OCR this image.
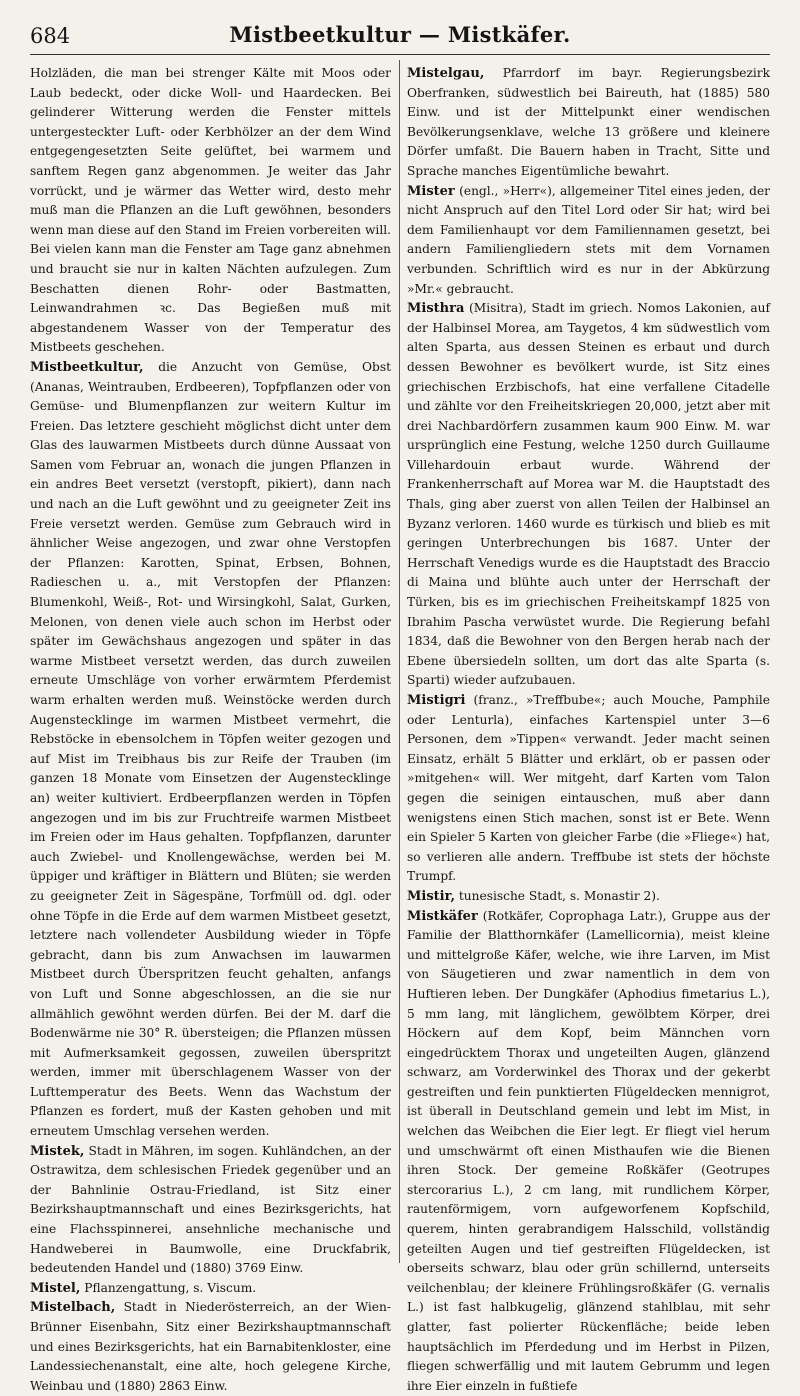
684	Mistbeetkultur — Mistkäfer.

Holzläden, die man bei strenger Kälte mit Moos oder Laub bedeckt, oder dicke Woll- und Haardecken. Bei gelinderer Witterung werden die Fenster mittels untergesteckter Luft- oder Kerbhölzer an der dem Wind entgegengesetzten Seite gelüftet, bei warmem und sanftem Regen ganz abgenommen. Je weiter das Jahr vorrückt, und je wärmer das Wetter wird, desto mehr muß man die Pflanzen an die Luft gewöhnen, besonders wenn man diese auf den Stand im Freien vorbereiten will. Bei vielen kann man die Fenster am Tage ganz abnehmen und braucht sie nur in kalten Nächten aufzulegen. Zum Beschatten dienen Rohr- oder Bastmatten, Leinwandrahmen ꝛc. Das Begießen muß mit abgestandenem Wasser von der Temperatur des Mistbeets geschehen.

Mistbeetkultur, die Anzucht von Gemüse, Obst (Ananas, Weintrauben, Erdbeeren), Topfpflanzen oder von Gemüse- und Blumenpflanzen zur weitern Kultur im Freien. Das letztere geschieht möglichst dicht unter dem Glas des lauwarmen Mistbeets durch dünne Aussaat von Samen vom Februar an, wonach die jungen Pflanzen in ein andres Beet versetzt (verstopft, pikiert), dann nach und nach an die Luft gewöhnt und zu geeigneter Zeit ins Freie versetzt werden. Gemüse zum Gebrauch wird in ähnlicher Weise angezogen, und zwar ohne Verstopfen der Pflanzen: Karotten, Spinat, Erbsen, Bohnen, Radieschen u. a., mit Verstopfen der Pflanzen: Blumenkohl, Weiß-, Rot- und Wirsingkohl, Salat, Gurken, Melonen, von denen viele auch schon im Herbst oder später im Gewächshaus angezogen und später in das warme Mistbeet versetzt werden, das durch zuweilen erneute Umschläge von vorher erwärmtem Pferdemist warm erhalten werden muß. Weinstöcke werden durch Augenstecklinge im warmen Mistbeet vermehrt, die Rebstöcke in ebensolchem in Töpfen weiter gezogen und auf Mist im Treibhaus bis zur Reife der Trauben (im ganzen 18 Monate vom Einsetzen der Augenstecklinge an) weiter kultiviert. Erdbeerpflanzen werden in Töpfen angezogen und im bis zur Fruchtreife warmen Mistbeet im Freien oder im Haus gehalten. Topfpflanzen, darunter auch Zwiebel- und Knollengewächse, werden bei M. üppiger und kräftiger in Blättern und Blüten; sie werden zu geeigneter Zeit in Sägespäne, Torfmüll od. dgl. oder ohne Töpfe in die Erde auf dem warmen Mistbeet gesetzt, letztere nach vollendeter Ausbildung wieder in Töpfe gebracht, dann bis zum Anwachsen im lauwarmen Mistbeet durch Überspritzen feucht gehalten, anfangs von Luft und Sonne abgeschlossen, an die sie nur allmählich gewöhnt werden dürfen. Bei der M. darf die Bodenwärme nie 30° R. übersteigen; die Pflanzen müssen mit Aufmerksamkeit gegossen, zuweilen überspritzt werden, immer mit überschlagenem Wasser von der Lufttemperatur des Beets. Wenn das Wachstum der Pflanzen es fordert, muß der Kasten gehoben und mit erneutem Umschlag versehen werden.

Mistek, Stadt in Mähren, im sogen. Kuhländchen, an der Ostrawitza, dem schlesischen Friedek gegenüber und an der Bahnlinie Ostrau-Friedland, ist Sitz einer Bezirkshauptmannschaft und eines Bezirksgerichts, hat eine Flachsspinnerei, ansehnliche mechanische und Handweberei in Baumwolle, eine Druckfabrik, bedeutenden Handel und (1880) 3769 Einw.

Mistel, Pflanzengattung, s. Viscum.

Mistelbach, Stadt in Niederösterreich, an der Wien-Brünner Eisenbahn, Sitz einer Bezirkshauptmannschaft und eines Bezirksgerichts, hat ein Barnabitenkloster, eine Landessiechenanstalt, eine alte, hoch gelegene Kirche, Weinbau und (1880) 2863 Einw.

Mistelgau, Pfarrdorf im bayr. Regierungsbezirk Oberfranken, südwestlich bei Baireuth, hat (1885) 580 Einw. und ist der Mittelpunkt einer wendischen Bevölkerungsenklave, welche 13 größere und kleinere Dörfer umfaßt. Die Bauern haben in Tracht, Sitte und Sprache manches Eigentümliche bewahrt.

Mister (engl., »Herr«), allgemeiner Titel eines jeden, der nicht Anspruch auf den Titel Lord oder Sir hat; wird bei dem Familienhaupt vor dem Familiennamen gesetzt, bei andern Familiengliedern stets mit dem Vornamen verbunden. Schriftlich wird es nur in der Abkürzung »Mr.« gebraucht.

Misthra (Misitra), Stadt im griech. Nomos Lakonien, auf der Halbinsel Morea, am Taygetos, 4 km südwestlich vom alten Sparta, aus dessen Steinen es erbaut und durch dessen Bewohner es bevölkert wurde, ist Sitz eines griechischen Erzbischofs, hat eine verfallene Citadelle und zählte vor den Freiheitskriegen 20,000, jetzt aber mit drei Nachbardörfern zusammen kaum 900 Einw. M. war ursprünglich eine Festung, welche 1250 durch Guillaume Villehardouin erbaut wurde. Während der Frankenherrschaft auf Morea war M. die Hauptstadt des Thals, ging aber zuerst von allen Teilen der Halbinsel an Byzanz verloren. 1460 wurde es türkisch und blieb es mit geringen Unterbrechungen bis 1687. Unter der Herrschaft Venedigs wurde es die Hauptstadt des Braccio di Maina und blühte auch unter der Herrschaft der Türken, bis es im griechischen Freiheitskampf 1825 von Ibrahim Pascha verwüstet wurde. Die Regierung befahl 1834, daß die Bewohner von den Bergen herab nach der Ebene übersiedeln sollten, um dort das alte Sparta (s. Sparti) wieder aufzubauen.

Mistigri (franz., »Treffbube«; auch Mouche, Pamphile oder Lenturla), einfaches Kartenspiel unter 3—6 Personen, dem »Tippen« verwandt. Jeder macht seinen Einsatz, erhält 5 Blätter und erklärt, ob er passen oder »mitgehen« will. Wer mitgeht, darf Karten vom Talon gegen die seinigen eintauschen, muß aber dann wenigstens einen Stich machen, sonst ist er Bete. Wenn ein Spieler 5 Karten von gleicher Farbe (die »Fliege«) hat, so verlieren alle andern. Treffbube ist stets der höchste Trumpf.

Mistir, tunesische Stadt, s. Monastir 2).

Mistkäfer (Rotkäfer, Coprophaga Latr.), Gruppe aus der Familie der Blatthornkäfer (Lamellicornia), meist kleine und mittelgroße Käfer, welche, wie ihre Larven, im Mist von Säugetieren und zwar namentlich in dem von Huftieren leben. Der Dungkäfer (Aphodius fimetarius L.), 5 mm lang, mit länglichem, gewölbtem Körper, drei Höckern auf dem Kopf, beim Männchen vorn eingedrücktem Thorax und ungeteilten Augen, glänzend schwarz, am Vorderwinkel des Thorax und der gekerbt gestreiften und fein punktierten Flügeldecken mennigrot, ist überall in Deutschland gemein und lebt im Mist, in welchen das Weibchen die Eier legt. Er fliegt viel herum und umschwärmt oft einen Misthaufen wie die Bienen ihren Stock. Der gemeine Roßkäfer (Geotrupes stercorarius L.), 2 cm lang, mit rundlichem Körper, rautenförmigem, vorn aufgeworfenem Kopfschild, querem, hinten gerabrandigem Halsschild, vollständig geteilten Augen und tief gestreiften Flügeldecken, ist oberseits schwarz, blau oder grün schillernd, unterseits veilchenblau; der kleinere Frühlingsroßkäfer (G. vernalis L.) ist fast halbkugelig, glänzend stahlblau, mit sehr glatter, fast polierter Rückenfläche; beide leben hauptsächlich im Pferdedung und im Herbst in Pilzen, fliegen schwerfällig und mit lautem Gebrumm und legen ihre Eier einzeln in fußtiefe
